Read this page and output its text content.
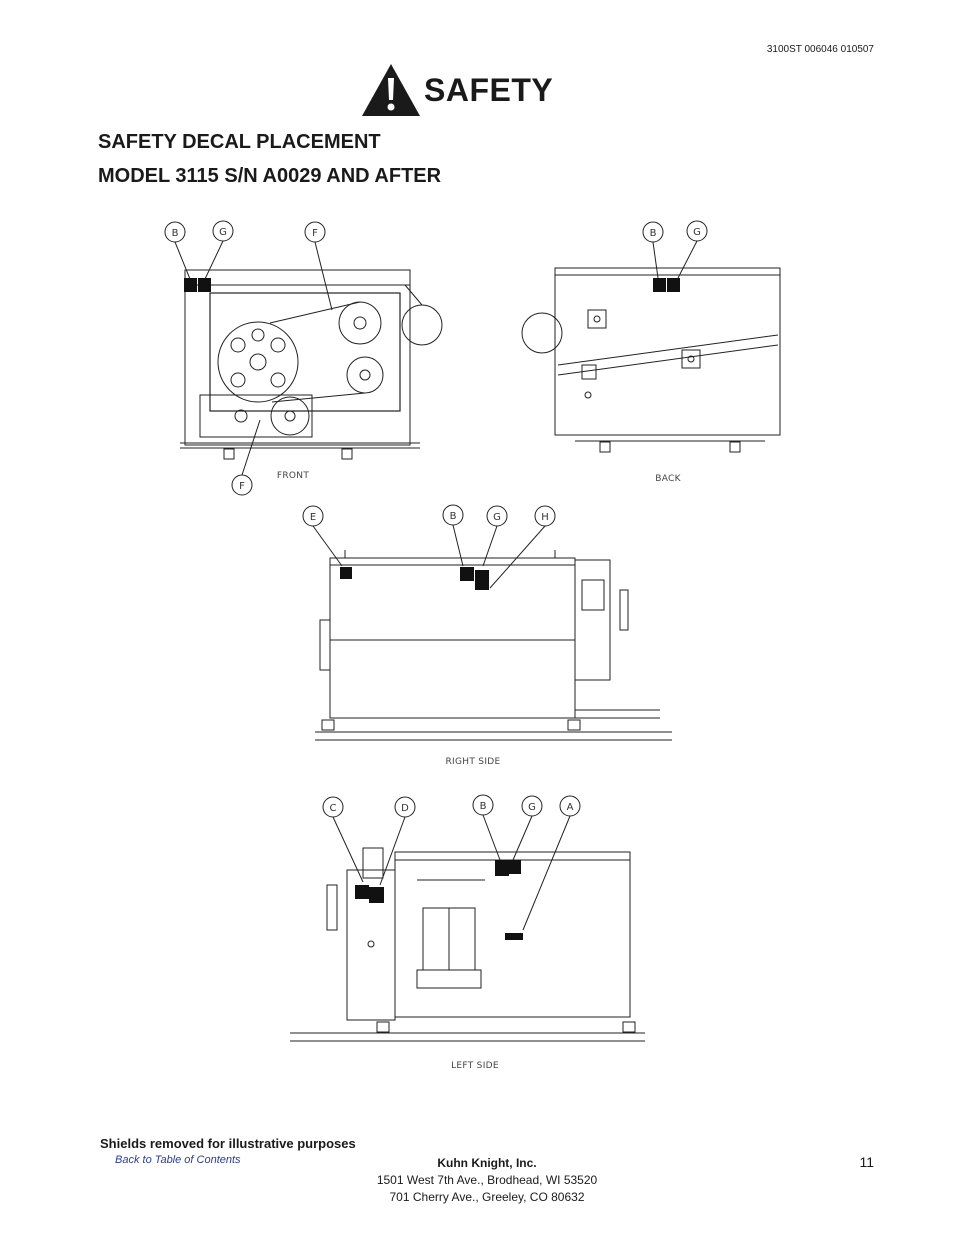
3100ST 006046 010507
SAFETY
SAFETY DECAL PLACEMENT
MODEL 3115 S/N A0029 AND AFTER
B	G	F
F
FRONT
B	G
BACK
E	B	G	H
RIGHT SIDE
C	D	B	G	A
LEFT SIDE
Shields removed for illustrative purposes
Back to Table of Contents	Kuhn Knight, Inc.
1501 West 7th Ave., Brodhead, WI 53520
701 Cherry Ave., Greeley, CO 80632
11
